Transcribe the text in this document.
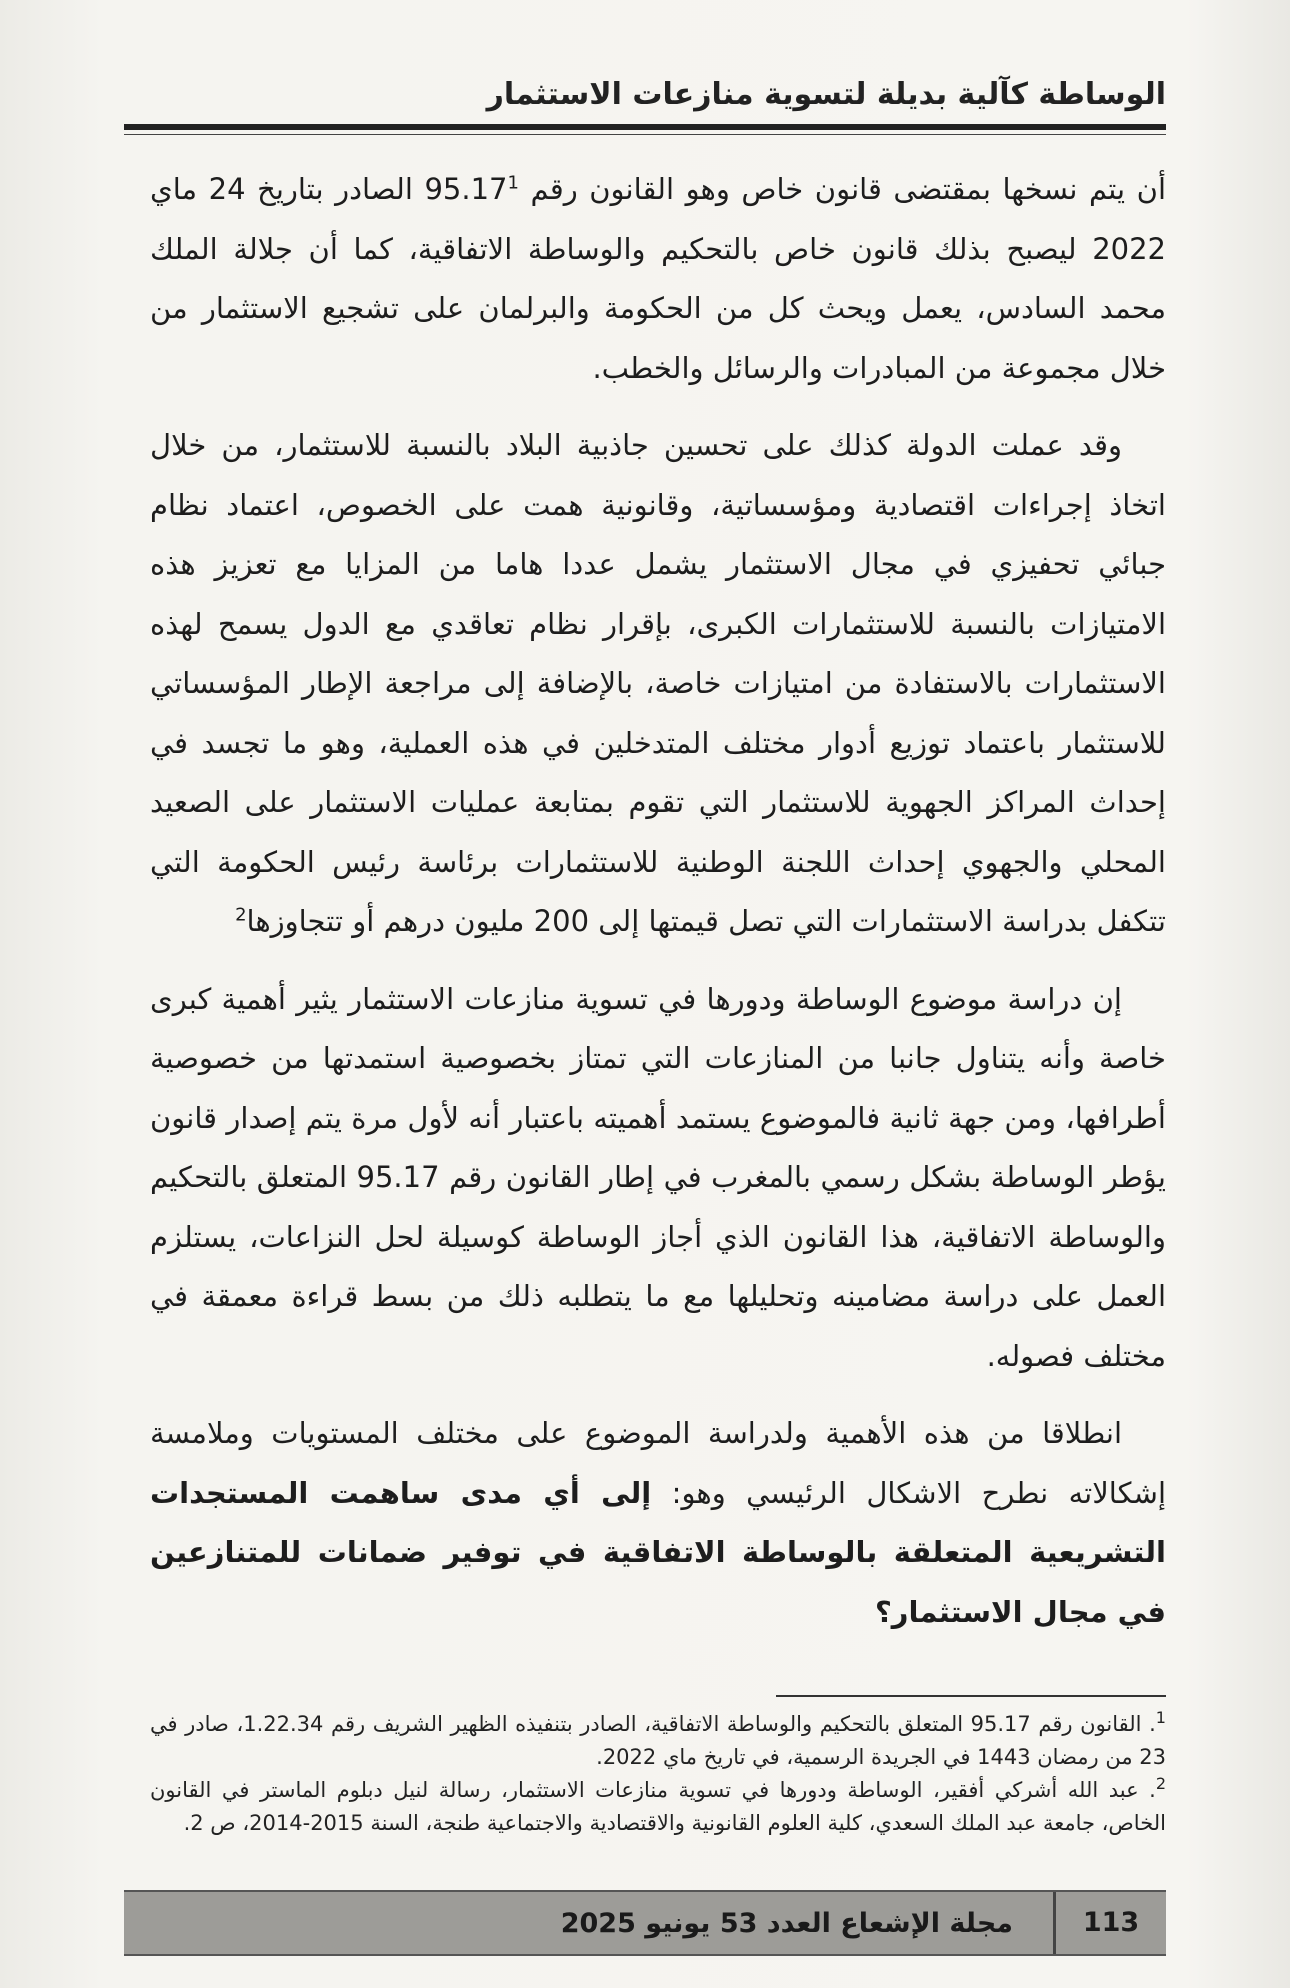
الوساطة كآلية بديلة لتسوية منازعات الاستثمار

أن يتم نسخها بمقتضى قانون خاص وهو القانون رقم 95.17$^1$ الصادر بتاريخ 24 ماي 2022 ليصبح بذلك قانون خاص بالتحكيم والوساطة الاتفاقية، كما أن جلالة الملك محمد السادس، يعمل ويحث كل من الحكومة والبرلمان على تشجيع الاستثمار من خلال مجموعة من المبادرات والرسائل والخطب.

وقد عملت الدولة كذلك على تحسين جاذبية البلاد بالنسبة للاستثمار، من خلال اتخاذ إجراءات اقتصادية ومؤسساتية، وقانونية همت على الخصوص، اعتماد نظام جبائي تحفيزي في مجال الاستثمار يشمل عددا هاما من المزايا مع تعزيز هذه الامتيازات بالنسبة للاستثمارات الكبرى، بإقرار نظام تعاقدي مع الدول يسمح لهذه الاستثمارات بالاستفادة من امتيازات خاصة، بالإضافة إلى مراجعة الإطار المؤسساتي للاستثمار باعتماد توزيع أدوار مختلف المتدخلين في هذه العملية، وهو ما تجسد في إحداث المراكز الجهوية للاستثمار التي تقوم بمتابعة عمليات الاستثمار على الصعيد المحلي والجهوي إحداث اللجنة الوطنية للاستثمارات برئاسة رئيس الحكومة التي تتكفل بدراسة الاستثمارات التي تصل قيمتها إلى 200 مليون درهم أو تتجاوزها$^2$

إن دراسة موضوع الوساطة ودورها في تسوية منازعات الاستثمار يثير أهمية كبرى خاصة وأنه يتناول جانبا من المنازعات التي تمتاز بخصوصية استمدتها من خصوصية أطرافها، ومن جهة ثانية فالموضوع يستمد أهميته باعتبار أنه لأول مرة يتم إصدار قانون يؤطر الوساطة بشكل رسمي بالمغرب في إطار القانون رقم 95.17 المتعلق بالتحكيم والوساطة الاتفاقية، هذا القانون الذي أجاز الوساطة كوسيلة لحل النزاعات، يستلزم العمل على دراسة مضامينه وتحليلها مع ما يتطلبه ذلك من بسط قراءة معمقة في مختلف فصوله.

انطلاقا من هذه الأهمية ولدراسة الموضوع على مختلف المستويات وملامسة إشكالاته نطرح الاشكال الرئيسي وهو: إلى أي مدى ساهمت المستجدات التشريعية المتعلقة بالوساطة الاتفاقية في توفير ضمانات للمتنازعين في مجال الاستثمار؟

$^1$. القانون رقم 95.17 المتعلق بالتحكيم والوساطة الاتفاقية، الصادر بتنفيذه الظهير الشريف رقم 1.22.34، صادر في 23 من رمضان 1443 في الجريدة الرسمية، في تاريخ ماي 2022.

$^2$. عبد الله أشركي أفقير، الوساطة ودورها في تسوية منازعات الاستثمار، رسالة لنيل دبلوم الماستر في القانون الخاص، جامعة عبد الملك السعدي، كلية العلوم القانونية والاقتصادية والاجتماعية طنجة، السنة 2015-2014، ص 2.

113
مجلة الإشعاع العدد 53 يونيو 2025
